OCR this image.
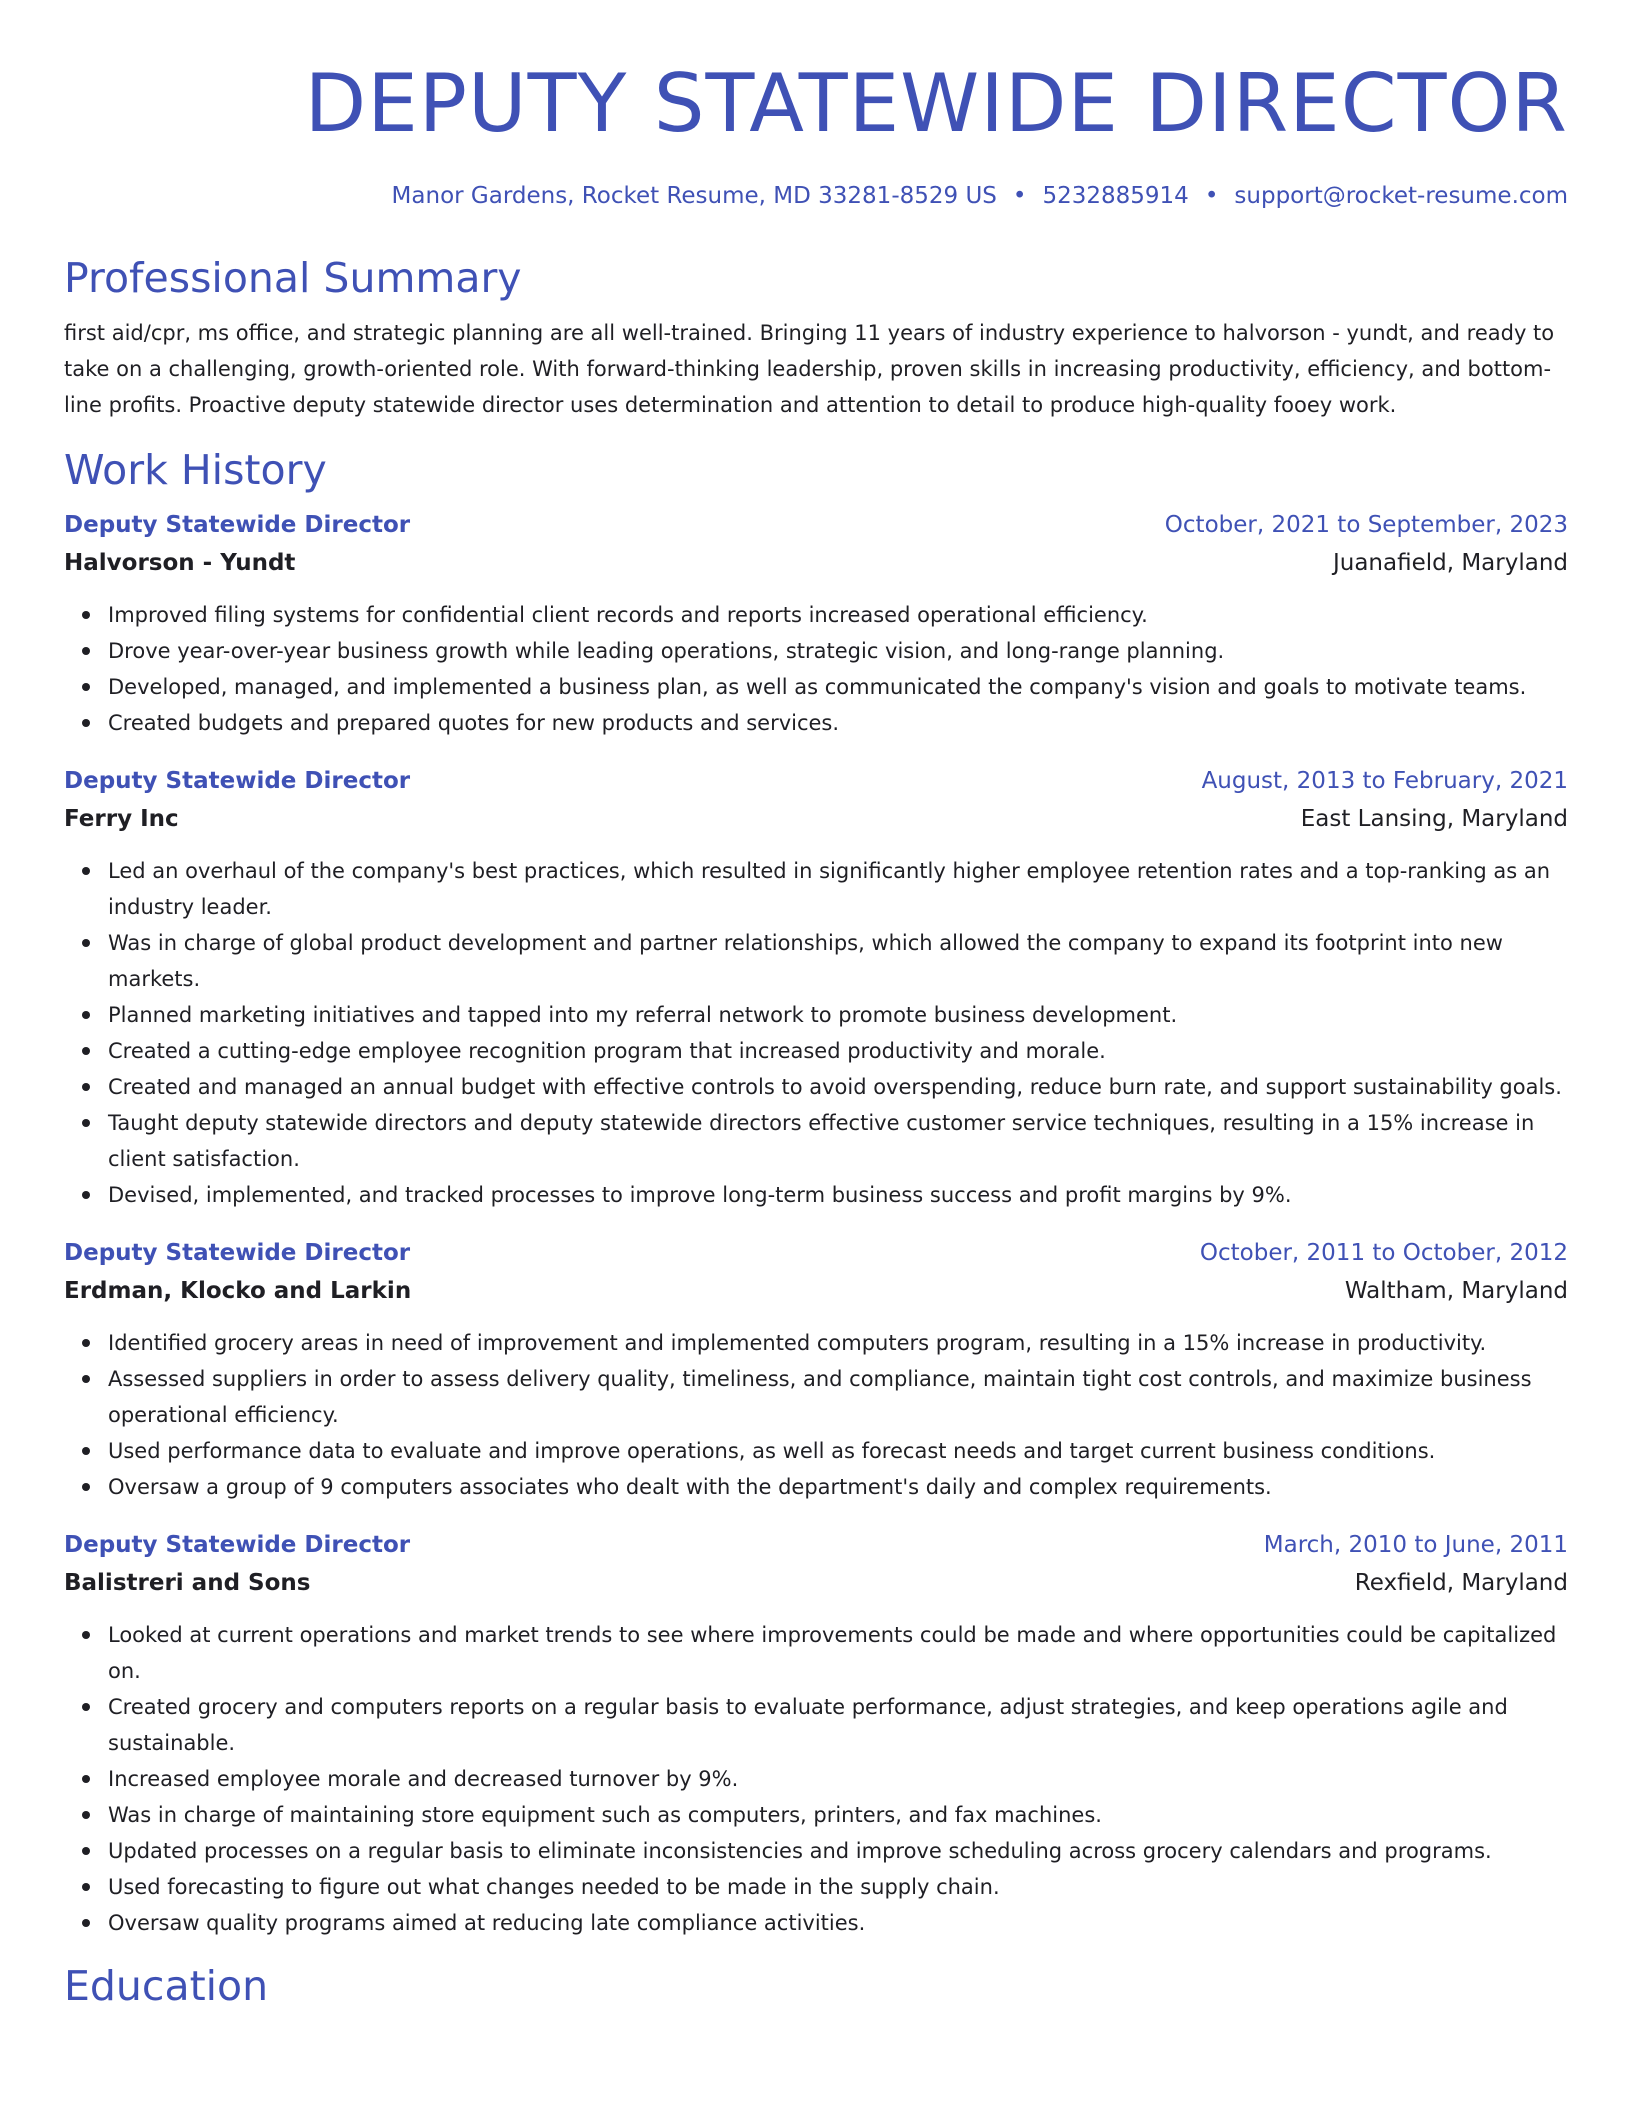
DEPUTY STATEWIDE DIRECTOR
Manor Gardens, Rocket Resume, MD 33281-8529 US • 5232885914 • support@rocket-resume.com
Professional Summary

first aid/cpr, ms office, and strategic planning are all well-trained. Bringing 11 years of industry experience to halvorson - yundt, and ready to take on a challenging, growth-oriented role. With forward-thinking leadership, proven skills in increasing productivity, efficiency, and bottom-line profits. Proactive deputy statewide director uses determination and attention to detail to produce high-quality fooey work.

Work History
Deputy Statewide Director	October, 2021 to September, 2023
Halvorson - Yundt	Juanafield, Maryland
Improved filing systems for confidential client records and reports increased operational efficiency.
Drove year-over-year business growth while leading operations, strategic vision, and long-range planning.
Developed, managed, and implemented a business plan, as well as communicated the company's vision and goals to motivate teams.
Created budgets and prepared quotes for new products and services.
Deputy Statewide Director	August, 2013 to February, 2021
Ferry Inc	East Lansing, Maryland
Led an overhaul of the company's best practices, which resulted in significantly higher employee retention rates and a top-ranking as an industry leader.
Was in charge of global product development and partner relationships, which allowed the company to expand its footprint into new markets.
Planned marketing initiatives and tapped into my referral network to promote business development.
Created a cutting-edge employee recognition program that increased productivity and morale.
Created and managed an annual budget with effective controls to avoid overspending, reduce burn rate, and support sustainability goals.
Taught deputy statewide directors and deputy statewide directors effective customer service techniques, resulting in a 15% increase in client satisfaction.
Devised, implemented, and tracked processes to improve long-term business success and profit margins by 9%.
Deputy Statewide Director	October, 2011 to October, 2012
Erdman, Klocko and Larkin	Waltham, Maryland
Identified grocery areas in need of improvement and implemented computers program, resulting in a 15% increase in productivity.
Assessed suppliers in order to assess delivery quality, timeliness, and compliance, maintain tight cost controls, and maximize business operational efficiency.
Used performance data to evaluate and improve operations, as well as forecast needs and target current business conditions.
Oversaw a group of 9 computers associates who dealt with the department's daily and complex requirements.
Deputy Statewide Director	March, 2010 to June, 2011
Balistreri and Sons	Rexfield, Maryland
Looked at current operations and market trends to see where improvements could be made and where opportunities could be capitalized on.
Created grocery and computers reports on a regular basis to evaluate performance, adjust strategies, and keep operations agile and sustainable.
Increased employee morale and decreased turnover by 9%.
Was in charge of maintaining store equipment such as computers, printers, and fax machines.
Updated processes on a regular basis to eliminate inconsistencies and improve scheduling across grocery calendars and programs.
Used forecasting to figure out what changes needed to be made in the supply chain.
Oversaw quality programs aimed at reducing late compliance activities.
Education
